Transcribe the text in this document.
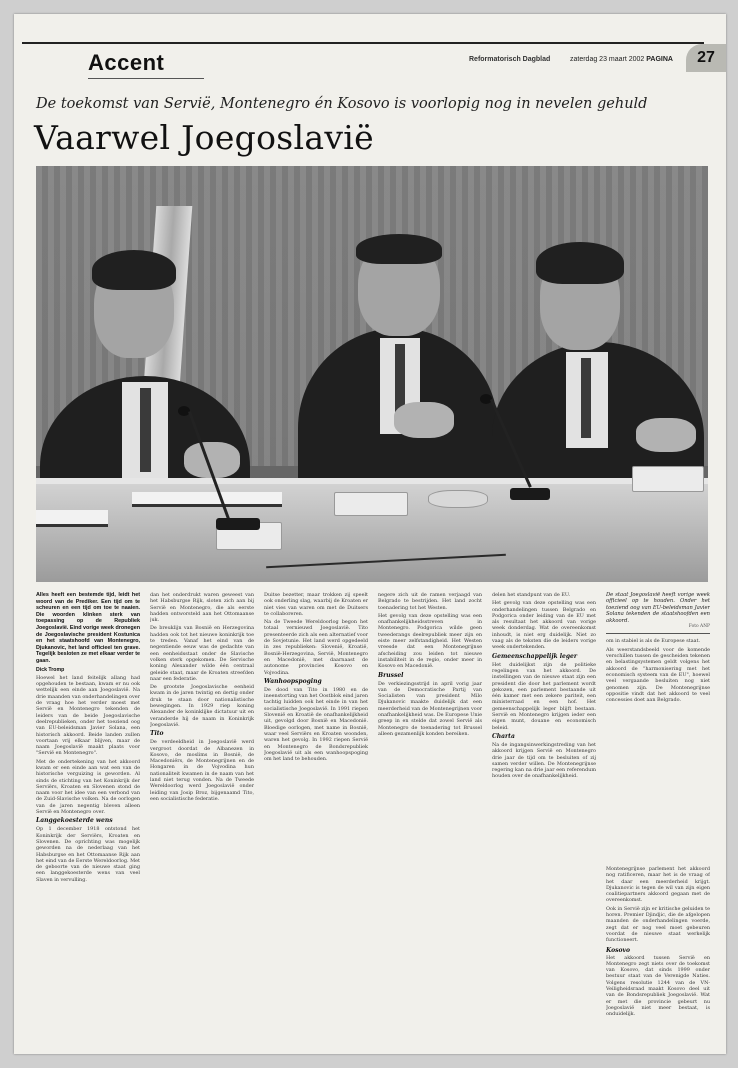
Accent	Reformatorisch Dagblad	zaterdag 23 maart 2002 PAGINA	27
De toekomst van Servië, Montenegro én Kosovo is voorlopig nog in nevelen gehuld
Vaarwel Joegoslavië

Alles heeft een bestemde tijd, leidt het woord van de Prediker. Een tijd om te scheuren en een tijd om toe te naaien. Die woorden klinken sterk van toepassing op de Republiek Joegoslavië. Eind vorige week dronegen de Joegoslavische president Kostunica en het staatshoofd van Montenegro, Djukanovic, het land officieel ten grave. Tegelijk besloten ze met elkaar verder te gaan.

Dick Tromp

Hoewel het land feitelijk allang had opgehouden te bestaan, kwam er nu ook wettelijk een einde aan Joegoslavië. Na drie maanden van onderhandelingen over de vraag hoe het verder moest met Servië en Montenegro tekenden de leiders van de beide Joegoslavische deelrepublieken, onder het toeziend oog van EU-beleidsman Javier Solana, een historisch akkoord. Beide landen zullen voortaan vrij elkaar blijven, maar de naam Joegoslavië maakt plaats voor "Servië en Montenegro".

Met de ondertekening van het akkoord kwam er een einde aan wat een van de historische verguizing is geworden. Al sinds de stichting van het Koninkrijk der Serviërs, Kroaten en Slovenen stond de naam voor het idee van een verbond van de Zuid-Slavische volken. Na de oorlogen van de jaren negentig bleven alleen Servië en Montenegro over.

Langgekoesterde wens

Op 1 december 1918 ontstond het Koninkrijk der Serviërs, Kroaten en Slovenen. De oprichting was mogelijk geworden na de nederlaag van het Habsburgse en het Ottomaanse Rijk aan het eind van de Eerste Wereldoorlog. Met de geboorte van de nieuwe staat ging een langgekoesterde wens van veel Slaven in vervulling.

dan het onderdrukt waren geweest van het Habsburgse Rijk, sloten zich aan bij Servië en Montenegro, die als eerste hadden ontworsteld aan het Ottomaanse juk.

De breuklijn van Bosnië en Herzegovina hadden ook tot het nieuwe koninkrijk toe te treden. Vanaf het eind van de negentiende eeuw was de gedachte van een eenheidsstaat onder de Slavische volken sterk opgekomen. De Servische koning Alexander wilde één centraal geleide staat, maar de Kroaten streefden naar een federatie.

De grootste Joegoslavische eenheid kwam in de jaren twintig en dertig onder druk te staan door nationalistische bewegingen. In 1929 riep koning Alexander de koninklijke dictatuur uit en veranderde hij de naam in Koninkrijk Joegoslavië.

Tito

De verdeeldheid in Joegoslavië werd vergroot doordat de Albanezen in Kosovo, de moslims in Bosnië, de Macedoniërs, de Montenegrijnen en de Hongaren in de Vojvodina hun nationaliteit kwamen in de naam van het land niet terug vonden. Na de Tweede Wereldoorlog werd Joegoslavië onder leiding van Josip Broz, bijgenaamd Tito, een socialistische federatie.

Duitse bezetter, maar trokken zij speelt ook onderling slag, waarbij de Kroaten er niet vies van waren om met de Duitsers te collaboreren.

Na de Tweede Wereldoorlog begon het totaal vernieuwd Joegoslavië. Tito presenteerde zich als een alternatief voor de Sovjetunie. Het land werd opgedeeld in zes republieken: Slovenië, Kroatië, Bosnië-Herzegovina, Servië, Montenegro en Macedonië, met daarnaast de autonome provincies Kosovo en Vojvodina.

Wanhoopspoging

De dood van Tito in 1980 en de ineenstorting van het Oostblok eind jaren tachtig luidden ook het einde in van het socialistische Joegoslavië. In 1991 riepen Slovenië en Kroatië de onafhankelijkheid uit, gevolgd door Bosnië en Macedonië. Bloedige oorlogen, met name in Bosnië, waar veel Serviërs en Kroaten woonden, waren het gevolg. In 1992 riepen Servië en Montenegro de Bondsrepubliek Joegoslavië uit als een wanhoopspoging om het land te behouden.

negere zich uit de ramen verjaagd van Belgrado te bestrijden. Het land zocht toenadering tot het Westen.

Het gevolg van deze opstelling was een onafhankelijkheidsstreven in Montenegro. Podgorica wilde geen tweederangs deelrepubliek meer zijn en eiste meer zelfstandigheid. Het Westen vreesde dat een Montenegrijnse afscheiding zou leiden tot nieuwe instabiliteit in de regio, onder meer in Kosovo en Macedonië.

Brussel

De verkiezingsstrijd in april vorig jaar van de Democratische Partij van Socialisten van president Milo Djukanovic maakte duidelijk dat een meerderheid van de Montenegrijnen voor onafhankelijkheid was. De Europese Unie greep in en stelde dat zowel Servië als Montenegro de toenadering tot Brussel alleen gezamenlijk konden bereiken.

delen het standpunt van de EU.

Het gevolg van deze opstelling was een onderhandelingen tussen Belgrado en Podgorica onder leiding van de EU met als resultaat het akkoord van vorige week donderdag. Wat de overeenkomst inhoudt, is niet erg duidelijk. Niet zo vaag als de teksten die de leiders vorige week ondertekenden.

Gemeenschappelijk leger

Het duidelijkst zijn de politieke regelingen van het akkoord. De instellingen van de nieuwe staat zijn een president die door het parlement wordt gekozen, een parlement bestaande uit één kamer met een zekere pariteit, een ministerraad en een hof. Het gemeenschappelijk leger blijft bestaan. Servië en Montenegro krijgen ieder een eigen munt, douane en economisch beleid.

Charta

Na de ingangsinwerkingstreding van het akkoord krijgen Servië en Montenegro drie jaar de tijd om te besluiten of zij samen verder willen. De Montenegrijnse regering kan na drie jaar een referendum houden over de onafhankelijkheid.

De staat Joegoslavië heeft vorige week officieel op te houden. Onder het toeziend oog van EU-beleidsman Javier Solana tekenden de staatshoofden een akkoord.
Foto ANP

om in stabiel is als de Europese staat.

Als weerstandsbeeld voor de komende verschillen tussen de gescheiden tekenen en belastingsystemen geldt volgens het akkoord de "harmonisering met het economisch systeem van de EU", hoewel veel vergaande besluiten nog niet genomen zijn. De Montenegrijnse oppositie vindt dat het akkoord te veel concessies doet aan Belgrado.

Montenegrijnse parlement het akkoord nog ratificeren, maar het is de vraag of het daar een meerderheid krijgt. Djukanovic is tegen de wil van zijn eigen coalitiepartners akkoord gegaan met de overeenkomst.

Ook in Servië zijn er kritische geluiden te horen. Premier Djindjic, die de afgelopen maanden de onderhandelingen voerde, zegt dat er nog veel moet gebeuren voordat de nieuwe staat werkelijk functioneert.

Kosovo

Het akkoord tussen Servië en Montenegro zegt niets over de toekomst van Kosovo, dat sinds 1999 onder bestuur staat van de Verenigde Naties. Volgens resolutie 1244 van de VN-Veiligheidsraad maakt Kosovo deel uit van de Bondsrepubliek Joegoslavië. Wat er met die provincie gebeurt nu Joegoslavië niet meer bestaat, is onduidelijk.
